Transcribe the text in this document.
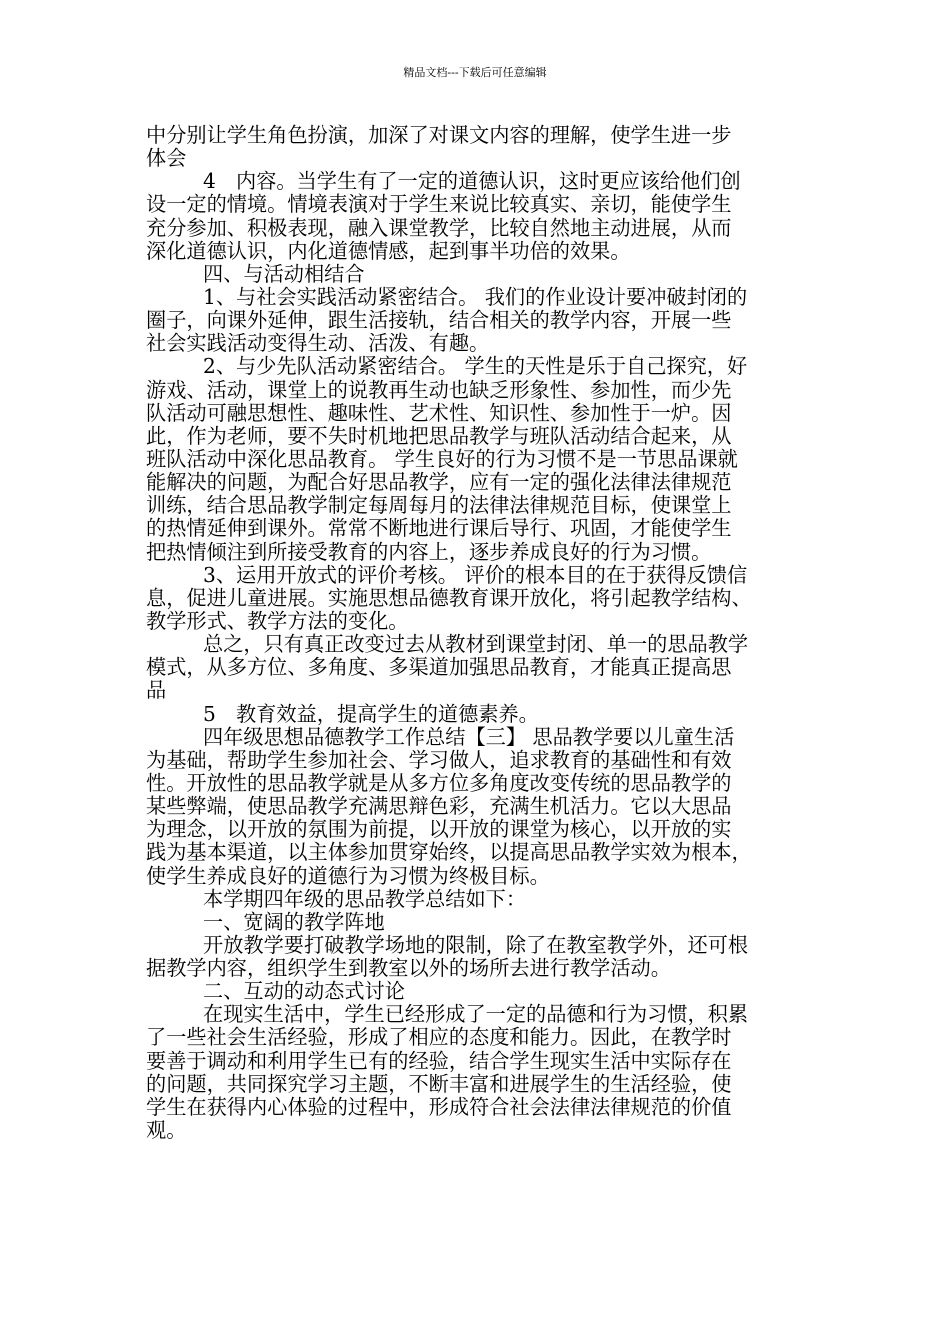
精品文档---下载后可任意编辑
中分别让学生角色扮演，加深了对课文内容的理解，使学生进一步
体会
4　内容。当学生有了一定的道德认识，这时更应该给他们创
设一定的情境。情境表演对于学生来说比较真实、亲切，能使学生
充分参加、积极表现，融入课堂教学，比较自然地主动进展，从而
深化道德认识，内化道德情感，起到事半功倍的效果。
四、与活动相结合
1、与社会实践活动紧密结合。 我们的作业设计要冲破封闭的
圈子，向课外延伸，跟生活接轨，结合相关的教学内容，开展一些
社会实践活动变得生动、活泼、有趣。
2、与少先队活动紧密结合。 学生的天性是乐于自己探究，好
游戏、活动，课堂上的说教再生动也缺乏形象性、参加性，而少先
队活动可融思想性、趣味性、艺术性、知识性、参加性于一炉。因
此，作为老师，要不失时机地把思品教学与班队活动结合起来，从
班队活动中深化思品教育。 学生良好的行为习惯不是一节思品课就
能解决的问题，为配合好思品教学，应有一定的强化法律法律规范
训练，结合思品教学制定每周每月的法律法律规范目标，使课堂上
的热情延伸到课外。常常不断地进行课后导行、巩固，才能使学生
把热情倾注到所接受教育的内容上，逐步养成良好的行为习惯。
3、运用开放式的评价考核。 评价的根本目的在于获得反馈信
息，促进儿童进展。实施思想品德教育课开放化，将引起教学结构、
教学形式、教学方法的变化。
总之，只有真正改变过去从教材到课堂封闭、单一的思品教学
模式，从多方位、多角度、多渠道加强思品教育，才能真正提高思
品
5　教育效益，提高学生的道德素养。
四年级思想品德教学工作总结【三】 思品教学要以儿童生活
为基础，帮助学生参加社会、学习做人，追求教育的基础性和有效
性。开放性的思品教学就是从多方位多角度改变传统的思品教学的
某些弊端，使思品教学充满思辩色彩，充满生机活力。它以大思品
为理念，以开放的氛围为前提，以开放的课堂为核心，以开放的实
践为基本渠道，以主体参加贯穿始终，以提高思品教学实效为根本，
使学生养成良好的道德行为习惯为终极目标。
本学期四年级的思品教学总结如下：
一、宽阔的教学阵地
开放教学要打破教学场地的限制，除了在教室教学外，还可根
据教学内容，组织学生到教室以外的场所去进行教学活动。
二、互动的动态式讨论
在现实生活中，学生已经形成了一定的品德和行为习惯，积累
了一些社会生活经验，形成了相应的态度和能力。因此，在教学时
要善于调动和利用学生已有的经验，结合学生现实生活中实际存在
的问题，共同探究学习主题，不断丰富和进展学生的生活经验，使
学生在获得内心体验的过程中，形成符合社会法律法律规范的价值
观。
